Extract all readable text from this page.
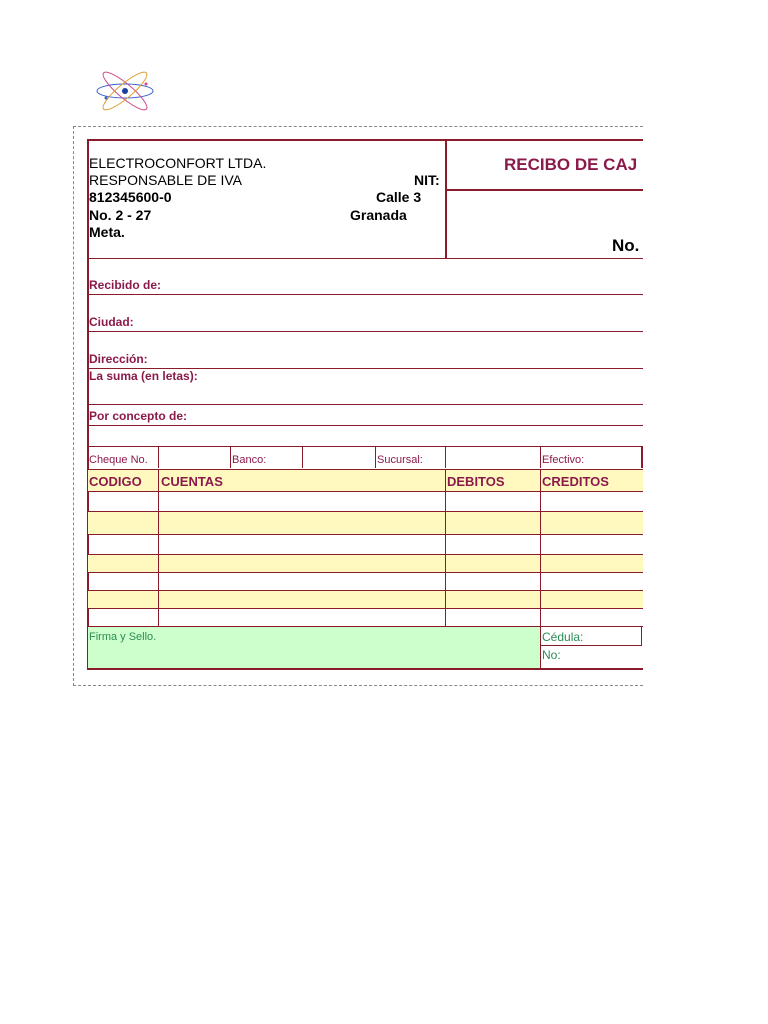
ELECTROCONFORT LTDA.
RESPONSABLE DE IVA	NIT:
812345600-0	Calle 3
No. 2 - 27	Granada
Meta.
RECIBO DE CAJ
No.
Recibido de:
Ciudad:
Dirección:
La suma (en letas):
Por concepto de:
Cheque No.	Banco:	Sucursal:	Efectivo:
CODIGO CUENTAS	DEBITOS	CREDITOS
Firma y Sello.	Cédula:
No:
